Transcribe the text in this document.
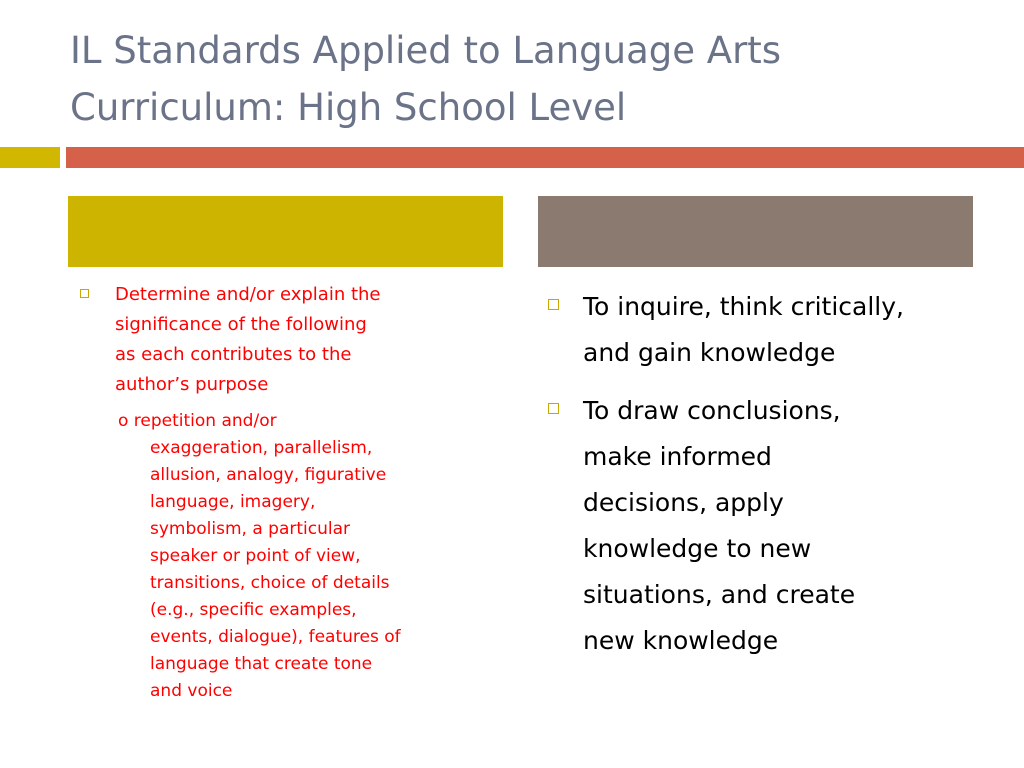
IL Standards Applied to Language Arts
Curriculum: High School Level
Determine and/or explain the
significance of the following
as each contributes to the
author’s purpose
o repetition and/or
exaggeration, parallelism,
allusion, analogy, figurative
language, imagery,
symbolism, a particular
speaker or point of view,
transitions, choice of details
(e.g., specific examples,
events, dialogue), features of
language that create tone
and voice
To inquire, think critically,
and gain knowledge
To draw conclusions,
make informed
decisions, apply
knowledge to new
situations, and create
new knowledge
